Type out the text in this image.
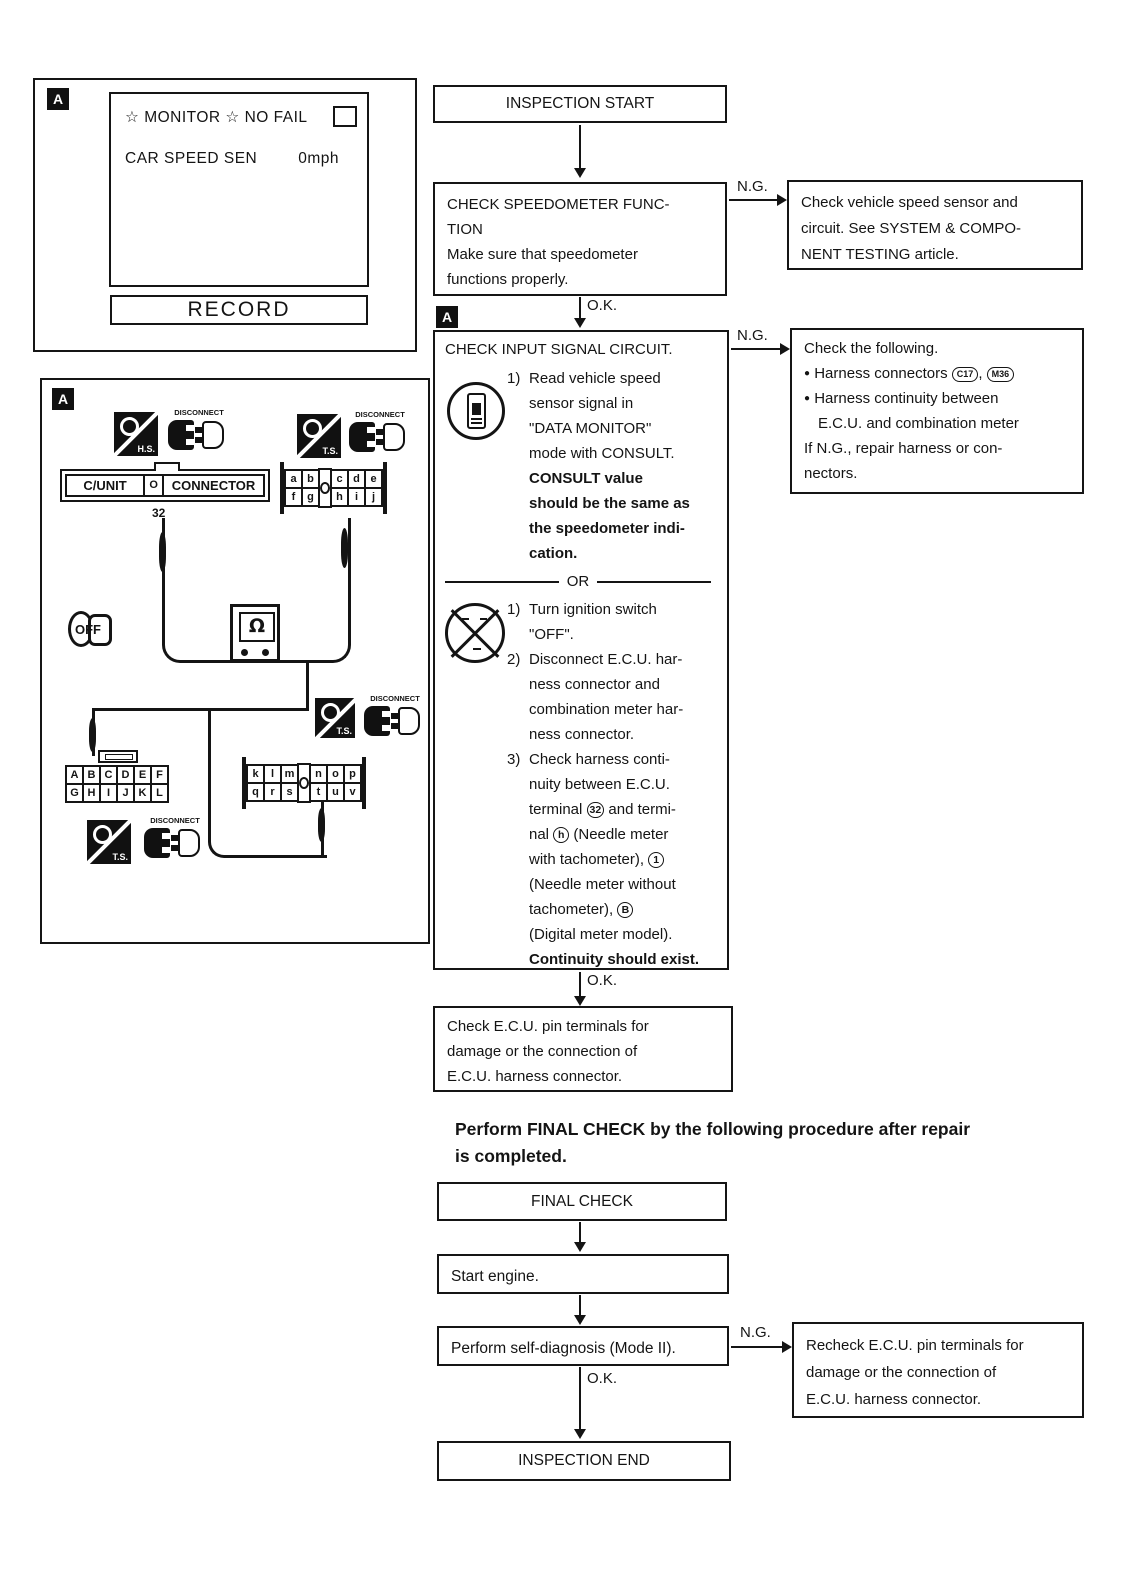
A
☆ MONITOR ☆ NO FAIL
CAR SPEED SEN	0mph
RECORD
A
H.S.
DISCONNECT
T.S.
DISCONNECT
C/UNIT	O	CONNECTOR
32
a b
f	g
c d e
h	i	j
Ω
OFF
A B C D E F
G H	I	J K L
k	l m
q	r	s
n o p
t	u v
T.S.
DISCONNECT
T.S.
DISCONNECT
INSPECTION START
CHECK SPEEDOMETER FUNC-
TION
Make sure that speedometer
functions properly.
N.G.
Check vehicle speed sensor and
circuit. See SYSTEM & COMPO-
NENT TESTING article.
O.K.
A
CHECK INPUT SIGNAL CIRCUIT.
1) Read vehicle speed
sensor signal in
"DATA MONITOR"
mode with CONSULT.
CONSULT value
should be the same as
the speedometer indi-
cation.
OR
1) Turn ignition switch
"OFF".
2) Disconnect E.C.U. har-
ness connector and
combination meter har-
ness connector.
3) Check harness conti-
nuity between E.C.U.
terminal 32 and termi-
nal h (Needle meter
with tachometer), 1
(Needle meter without
tachometer), B
(Digital meter model).
Continuity should exist.
N.G.
Check the following.
● Harness connectors C17 , M36
● Harness continuity between
E.C.U. and combination meter
If N.G., repair harness or con-
nectors.
O.K.
Check E.C.U. pin terminals for
damage or the connection of
E.C.U. harness connector.
Perform FINAL CHECK by the following procedure after repair
is completed.
FINAL CHECK
Start engine.
Perform self-diagnosis (Mode II).
N.G.
Recheck E.C.U. pin terminals for
damage or the connection of
E.C.U. harness connector.
O.K.
INSPECTION END
